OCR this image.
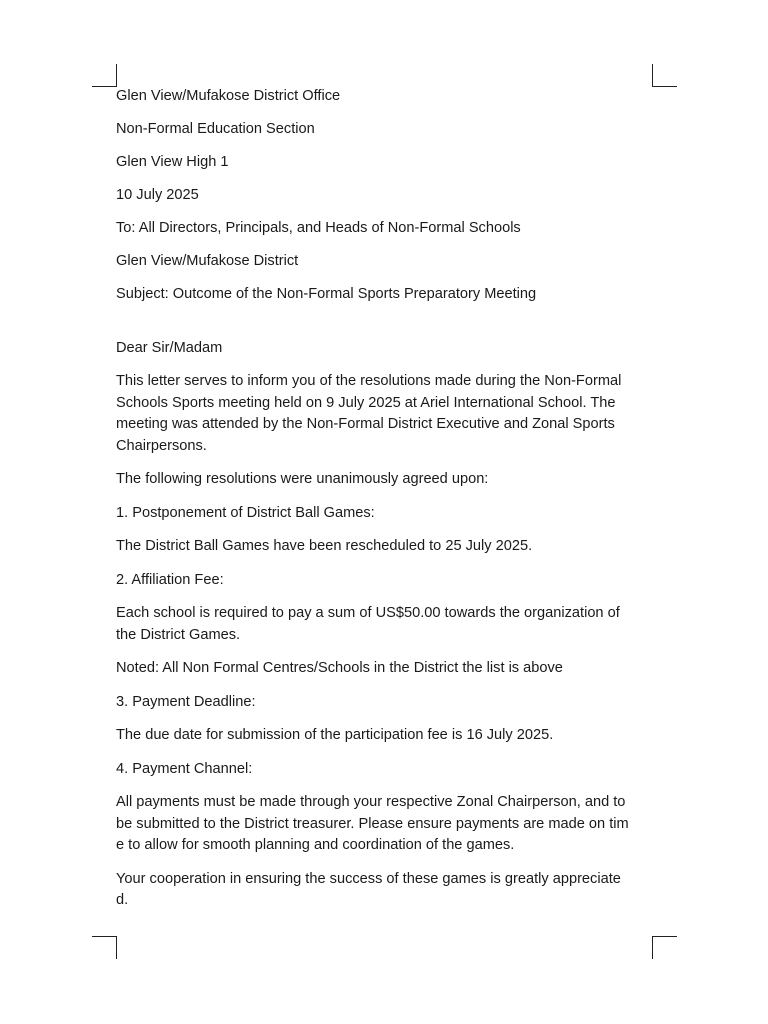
Glen View/Mufakose District Office

Non-Formal Education Section

Glen View High 1

10 July 2025

To: All Directors, Principals, and Heads of Non-Formal Schools

Glen View/Mufakose District

Subject: Outcome of the Non-Formal Sports Preparatory Meeting

Dear Sir/Madam

This letter serves to inform you of the resolutions made during the Non-Formal
Schools Sports meeting held on 9 July 2025 at Ariel International School. The
meeting was attended by the Non-Formal District Executive and Zonal Sports
Chairpersons.

The following resolutions were unanimously agreed upon:

1. Postponement of District Ball Games:

The District Ball Games have been rescheduled to 25 July 2025.

2. Affiliation Fee:

Each school is required to pay a sum of US$50.00 towards the organization of
the District Games.

Noted: All Non Formal Centres/Schools in the District the list is above

3. Payment Deadline:

The due date for submission of the participation fee is 16 July 2025.

4. Payment Channel:

All payments must be made through your respective Zonal Chairperson, and to
be submitted to the District treasurer. Please ensure payments are made on tim
e to allow for smooth planning and coordination of the games.
Your cooperation in ensuring the success of these games is greatly appreciate
d.
